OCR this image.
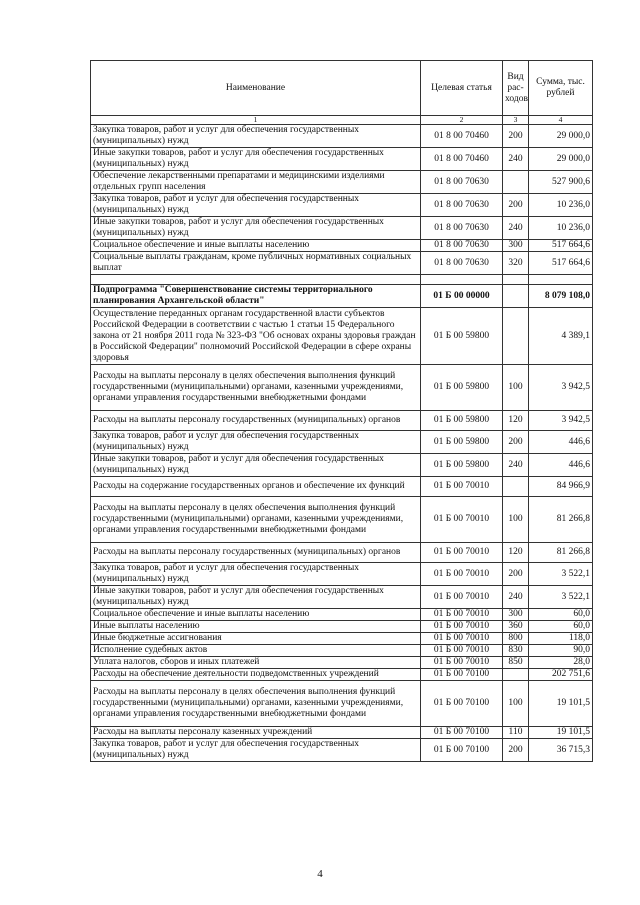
Наименование	Целевая статья	Вид рас-ходов	Сумма, тыс. рублей
1	2	3	4
Закупка товаров, работ и услуг для обеспечения государственных (муниципальных) нужд	01 8 00 70460	200	29 000,0
Иные закупки товаров, работ и услуг для обеспечения государственных (муниципальных) нужд	01 8 00 70460	240	29 000,0
Обеспечение лекарственными препаратами и медицинскими изделиями отдельных групп населения	01 8 00 70630		527 900,6
Закупка товаров, работ и услуг для обеспечения государственных (муниципальных) нужд	01 8 00 70630	200	10 236,0
Иные закупки товаров, работ и услуг для обеспечения государственных (муниципальных) нужд	01 8 00 70630	240	10 236,0
Социальное обеспечение и иные выплаты населению	01 8 00 70630	300	517 664,6
Социальные выплаты гражданам, кроме публичных нормативных социальных выплат	01 8 00 70630	320	517 664,6

Подпрограмма "Совершенствование системы территориального планирования Архангельской области"	01 Б 00 00000		8 079 108,0
Осуществление переданных органам государственной власти субъектов Российской Федерации в соответствии с частью 1 статьи 15 Федерального закона от 21 ноября 2011 года № 323-ФЗ "Об основах охраны здоровья граждан в Российской Федерации" полномочий Российской Федерации в сфере охраны здоровья	01 Б 00 59800		4 389,1
Расходы на выплаты персоналу в целях обеспечения выполнения функций государственными (муниципальными) органами, казенными учреждениями, органами управления государственными внебюджетными фондами	01 Б 00 59800	100	3 942,5
Расходы на выплаты персоналу государственных (муниципальных) органов	01 Б 00 59800	120	3 942,5
Закупка товаров, работ и услуг для обеспечения государственных (муниципальных) нужд	01 Б 00 59800	200	446,6
Иные закупки товаров, работ и услуг для обеспечения государственных (муниципальных) нужд	01 Б 00 59800	240	446,6
Расходы на содержание государственных органов и обеспечение их функций	01 Б 00 70010		84 966,9
Расходы на выплаты персоналу в целях обеспечения выполнения функций государственными (муниципальными) органами, казенными учреждениями, органами управления государственными внебюджетными фондами	01 Б 00 70010	100	81 266,8
Расходы на выплаты персоналу государственных (муниципальных) органов	01 Б 00 70010	120	81 266,8
Закупка товаров, работ и услуг для обеспечения государственных (муниципальных) нужд	01 Б 00 70010	200	3 522,1
Иные закупки товаров, работ и услуг для обеспечения государственных (муниципальных) нужд	01 Б 00 70010	240	3 522,1
Социальное обеспечение и иные выплаты населению	01 Б 00 70010	300	60,0
Иные выплаты населению	01 Б 00 70010	360	60,0
Иные бюджетные ассигнования	01 Б 00 70010	800	118,0
Исполнение судебных актов	01 Б 00 70010	830	90,0
Уплата налогов, сборов и иных платежей	01 Б 00 70010	850	28,0
Расходы на обеспечение деятельности подведомственных учреждений	01 Б 00 70100		202 751,6
Расходы на выплаты персоналу в целях обеспечения выполнения функций государственными (муниципальными) органами, казенными учреждениями, органами управления государственными внебюджетными фондами	01 Б 00 70100	100	19 101,5
Расходы на выплаты персоналу казенных учреждений	01 Б 00 70100	110	19 101,5
Закупка товаров, работ и услуг для обеспечения государственных (муниципальных) нужд	01 Б 00 70100	200	36 715,3
4
